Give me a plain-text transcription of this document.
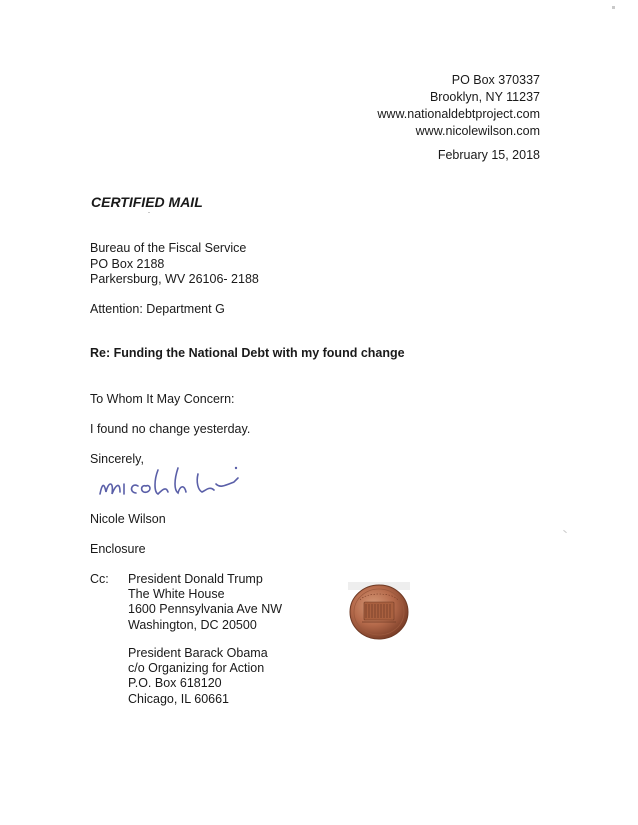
PO Box 370337
Brooklyn, NY 11237
www.nationaldebtproject.com
www.nicolewilson.com
February 15, 2018
CERTIFIED MAIL
Bureau of the Fiscal Service
PO Box 2188
Parkersburg, WV 26106- 2188
Attention: Department G
Re: Funding the National Debt with my found change
To Whom It May Concern:
I found no change yesterday.
Sincerely,
Nicole Wilson
Enclosure
Cc: President Donald Trump
The White House
1600 Pennsylvania Ave NW
Washington, DC 20500
President Barack Obama
c/o Organizing for Action
P.O. Box 618120
Chicago, IL 60661
